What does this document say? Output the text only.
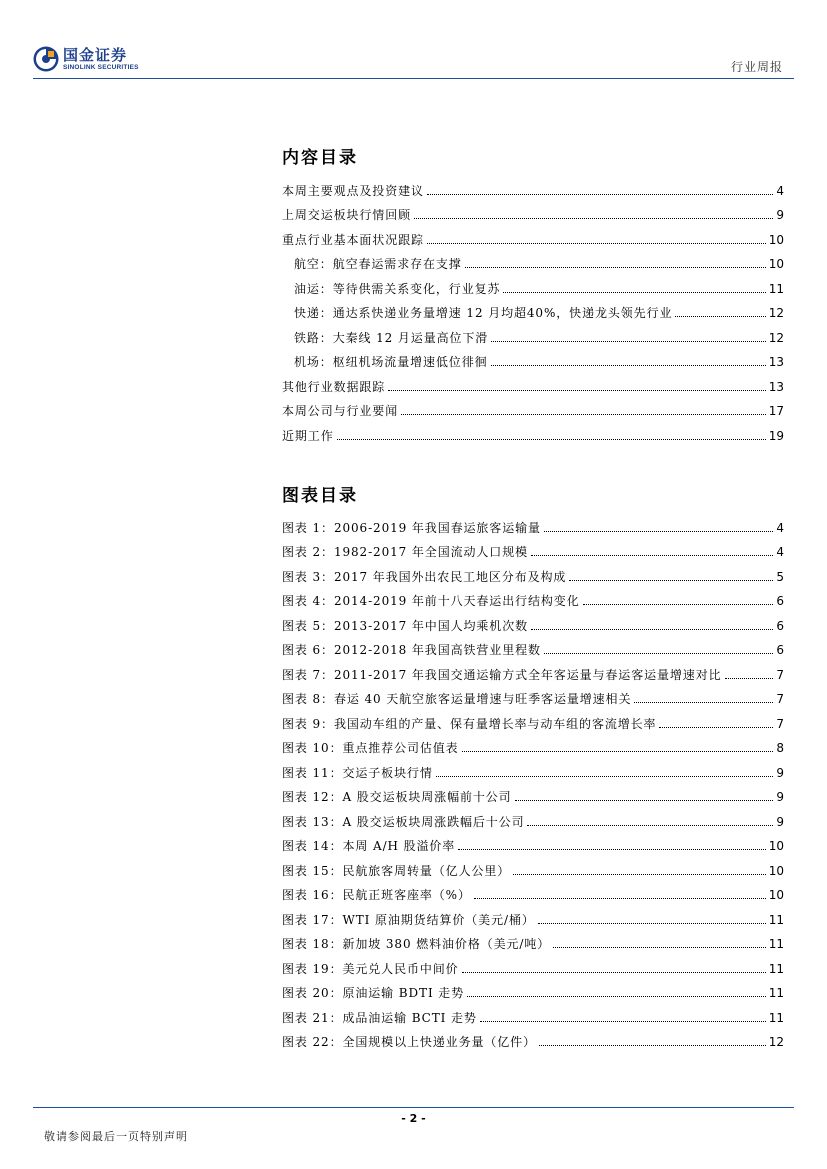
国金证券
SINOLINK SECURITIES	行业周报
内容目录
本周主要观点及投资建议	4
上周交运板块行情回顾	9
重点行业基本面状况跟踪	10
航空：航空春运需求存在支撑	10
油运：等待供需关系变化，行业复苏	11
快递：通达系快递业务量增速 12 月均超40%，快递龙头领先行业	12
铁路：大秦线 12 月运量高位下滑	12
机场：枢纽机场流量增速低位徘徊	13
其他行业数据跟踪	13
本周公司与行业要闻	17
近期工作	19
图表目录
图表 1：2006-2019 年我国春运旅客运输量	4
图表 2：1982-2017 年全国流动人口规模	4
图表 3：2017 年我国外出农民工地区分布及构成	5
图表 4：2014-2019 年前十八天春运出行结构变化	6
图表 5：2013-2017 年中国人均乘机次数	6
图表 6：2012-2018 年我国高铁营业里程数	6
图表 7：2011-2017 年我国交通运输方式全年客运量与春运客运量增速对比	7
图表 8：春运 40 天航空旅客运量增速与旺季客运量增速相关	7
图表 9：我国动车组的产量、保有量增长率与动车组的客流增长率	7
图表 10：重点推荐公司估值表	8
图表 11：交运子板块行情	9
图表 12：A 股交运板块周涨幅前十公司	9
图表 13：A 股交运板块周涨跌幅后十公司	9
图表 14：本周 A/H 股溢价率	10
图表 15：民航旅客周转量（亿人公里）	10
图表 16：民航正班客座率（%）	10
图表 17：WTI 原油期货结算价（美元/桶）	11
图表 18：新加坡 380 燃料油价格（美元/吨）	11
图表 19：美元兑人民币中间价	11
图表 20：原油运输 BDTI 走势	11
图表 21：成品油运输 BCTI 走势	11
图表 22：全国规模以上快递业务量（亿件）	12
- 2 -
敬请参阅最后一页特别声明
